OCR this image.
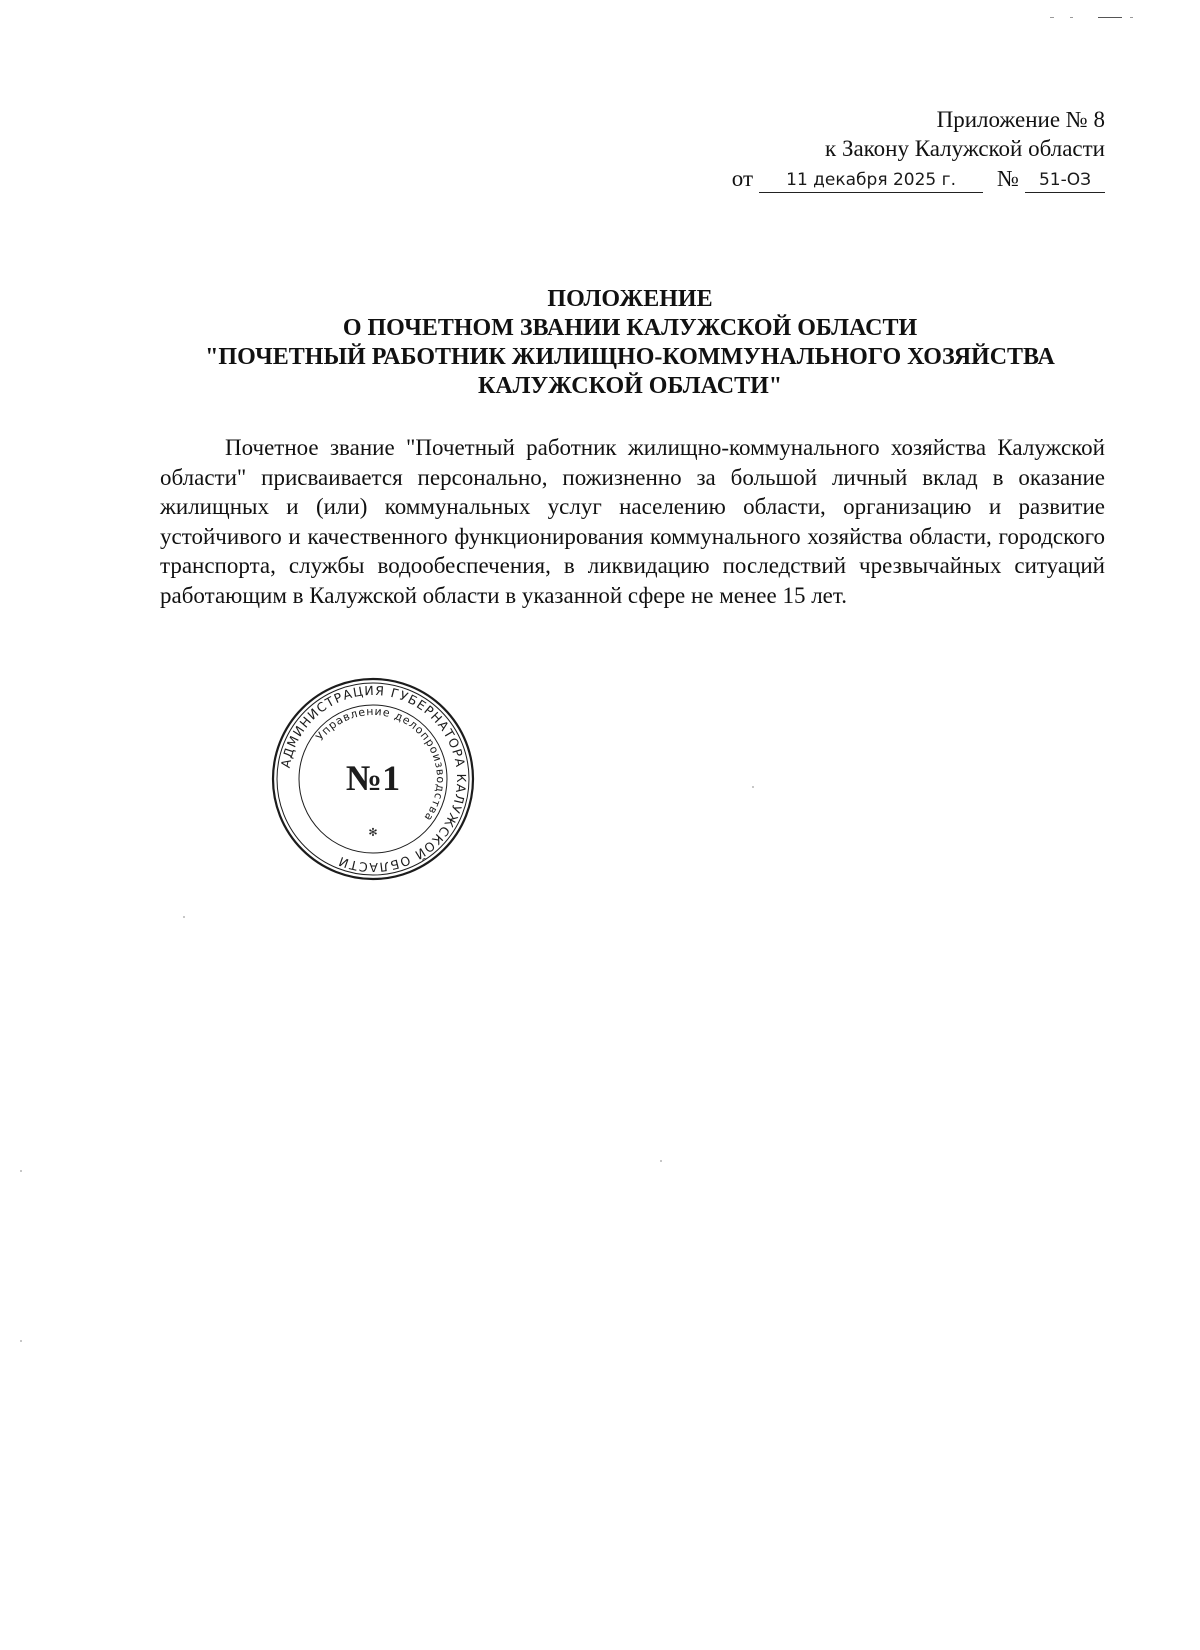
Приложение № 8
к Закону Калужской области
от	11 декабря 2025 г.	№	51-ОЗ
ПОЛОЖЕНИЕ
О ПОЧЕТНОМ ЗВАНИИ КАЛУЖСКОЙ ОБЛАСТИ
"ПОЧЕТНЫЙ РАБОТНИК ЖИЛИЩНО-КОММУНАЛЬНОГО ХОЗЯЙСТВА
КАЛУЖСКОЙ ОБЛАСТИ"

Почетное звание "Почетный работник жилищно-коммунального хозяйства Калужской области" присваивается персонально, пожизненно за большой личный вклад в оказание жилищных и (или) коммунальных услуг населению области, организацию и развитие устойчивого и качественного функционирования коммунального хозяйства области, городского транспорта, службы водообеспечения, в ликвидацию последствий чрезвычайных ситуаций работающим в Калужской области в указанной сфере не менее 15 лет.

АДМИНИСТРАЦИЯ ГУБЕРНАТОРА КАЛУЖСКОЙ ОБЛАСТИ
Управление делопроизводства
№1
✻
